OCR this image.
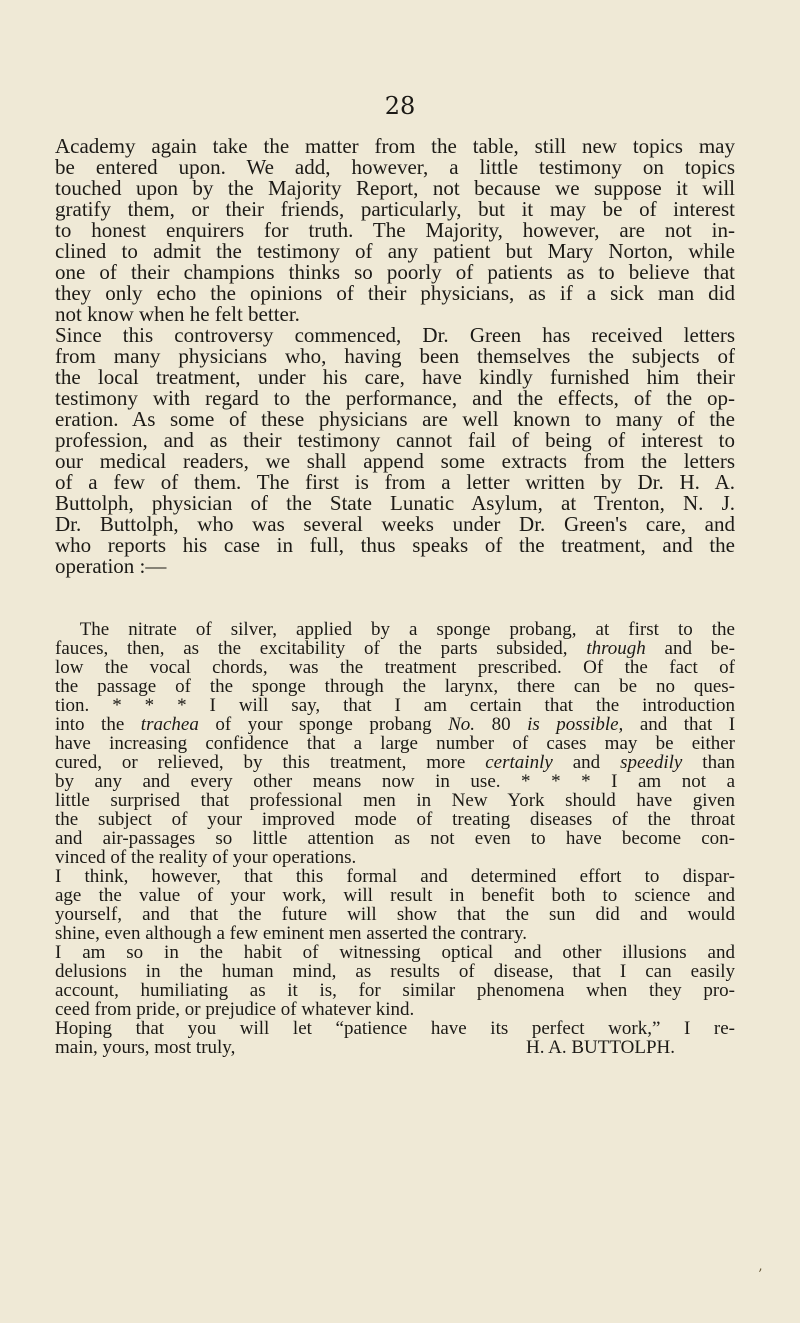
28
Academy again take the matter from the table, still new topics may
be entered upon. We add, however, a little testimony on topics
touched upon by the Majority Report, not because we suppose it will
gratify them, or their friends, particularly, but it may be of interest
to honest enquirers for truth. The Majority, however, are not in-
clined to admit the testimony of any patient but Mary Norton, while
one of their champions thinks so poorly of patients as to believe that
they only echo the opinions of their physicians, as if a sick man did
not know when he felt better.
Since this controversy commenced, Dr. Green has received letters
from many physicians who, having been themselves the subjects of
the local treatment, under his care, have kindly furnished him their
testimony with regard to the performance, and the effects, of the op-
eration. As some of these physicians are well known to many of the
profession, and as their testimony cannot fail of being of interest to
our medical readers, we shall append some extracts from the letters
of a few of them. The first is from a letter written by Dr. H. A.
Buttolph, physician of the State Lunatic Asylum, at Trenton, N. J.
Dr. Buttolph, who was several weeks under Dr. Green's care, and
who reports his case in full, thus speaks of the treatment, and the
operation :—
The nitrate of silver, applied by a sponge probang, at first to the
fauces, then, as the excitability of the parts subsided, through and be-
low the vocal chords, was the treatment prescribed. Of the fact of
the passage of the sponge through the larynx, there can be no ques-
tion. * * * I will say, that I am certain that the introduction
into the trachea of your sponge probang No. 80 is possible, and that I
have increasing confidence that a large number of cases may be either
cured, or relieved, by this treatment, more certainly and speedily than
by any and every other means now in use. * * * I am not a
little surprised that professional men in New York should have given
the subject of your improved mode of treating diseases of the throat
and air-passages so little attention as not even to have become con-
vinced of the reality of your operations.
I think, however, that this formal and determined effort to dispar-
age the value of your work, will result in benefit both to science and
yourself, and that the future will show that the sun did and would
shine, even although a few eminent men asserted the contrary.
I am so in the habit of witnessing optical and other illusions and
delusions in the human mind, as results of disease, that I can easily
account, humiliating as it is, for similar phenomena when they pro-
ceed from pride, or prejudice of whatever kind.
Hoping that you will let “patience have its perfect work,” I re-
main, yours, most truly,	H. A. BUTTOLPH.
’
